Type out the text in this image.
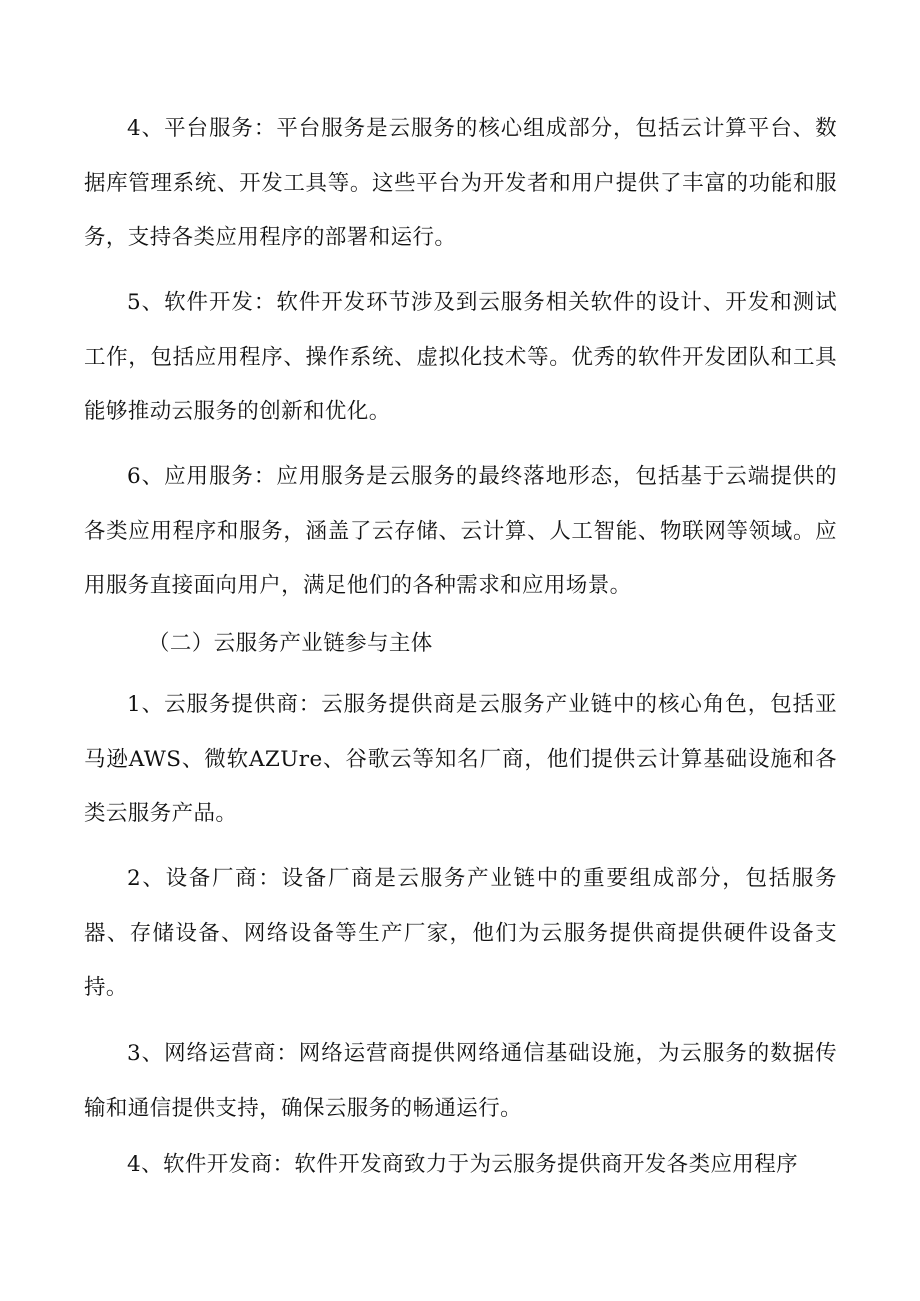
4、平台服务：平台服务是云服务的核心组成部分，包括云计算平台、数据库管理系统、开发工具等。这些平台为开发者和用户提供了丰富的功能和服务，支持各类应用程序的部署和运行。

5、软件开发：软件开发环节涉及到云服务相关软件的设计、开发和测试工作，包括应用程序、操作系统、虚拟化技术等。优秀的软件开发团队和工具能够推动云服务的创新和优化。

6、应用服务：应用服务是云服务的最终落地形态，包括基于云端提供的各类应用程序和服务，涵盖了云存储、云计算、人工智能、物联网等领域。应用服务直接面向用户，满足他们的各种需求和应用场景。

（二）云服务产业链参与主体

1、云服务提供商：云服务提供商是云服务产业链中的核心角色，包括亚马逊AWS、微软AZUre、谷歌云等知名厂商，他们提供云计算基础设施和各类云服务产品。

2、设备厂商：设备厂商是云服务产业链中的重要组成部分，包括服务器、存储设备、网络设备等生产厂家，他们为云服务提供商提供硬件设备支持。

3、网络运营商：网络运营商提供网络通信基础设施，为云服务的数据传输和通信提供支持，确保云服务的畅通运行。

4、软件开发商：软件开发商致力于为云服务提供商开发各类应用程序
